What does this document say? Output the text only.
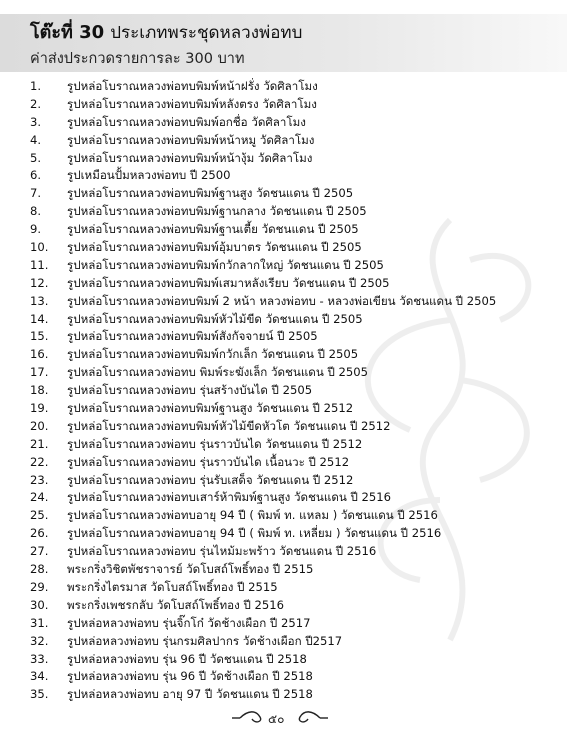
โต๊ะที่ 30 ประเภทพระชุดหลวงพ่อทบ
ค่าส่งประกวดรายการละ 300 บาท
1. รูปหล่อโบราณหลวงพ่อทบพิมพ์หน้าฝรั่ง วัดศิลาโมง
2. รูปหล่อโบราณหลวงพ่อทบพิมพ์หลังตรง วัดศิลาโมง
3. รูปหล่อโบราณหลวงพ่อทบพิมพ์อกชื่อ วัดศิลาโมง
4. รูปหล่อโบราณหลวงพ่อทบพิมพ์หน้าหมู วัดศิลาโมง
5. รูปหล่อโบราณหลวงพ่อทบพิมพ์หน้างุ้ม วัดศิลาโมง
6. รูปเหมือนปั้มหลวงพ่อทบ ปี 2500
7. รูปหล่อโบราณหลวงพ่อทบพิมพ์ฐานสูง วัดชนแดน ปี 2505
8. รูปหล่อโบราณหลวงพ่อทบพิมพ์ฐานกลาง วัดชนแดน ปี 2505
9. รูปหล่อโบราณหลวงพ่อทบพิมพ์ฐานเตี้ย วัดชนแดน ปี 2505
10. รูปหล่อโบราณหลวงพ่อทบพิมพ์อุ้มบาตร วัดชนแดน ปี 2505
11. รูปหล่อโบราณหลวงพ่อทบพิมพ์กวักลากใหญ่ วัดชนแดน ปี 2505
12. รูปหล่อโบราณหลวงพ่อทบพิมพ์เสมาหลังเรียบ วัดชนแดน ปี 2505
13. รูปหล่อโบราณหลวงพ่อทบพิมพ์ 2 หน้า หลวงพ่อทบ - หลวงพ่อเขียน วัดชนแดน ปี 2505
14. รูปหล่อโบราณหลวงพ่อทบพิมพ์หัวไม้ขีด วัดชนแดน ปี 2505
15. รูปหล่อโบราณหลวงพ่อทบพิมพ์สังกัจจายน์ ปี 2505
16. รูปหล่อโบราณหลวงพ่อทบพิมพ์กวักเล็ก วัดชนแดน ปี 2505
17. รูปหล่อโบราณหลวงพ่อทบ พิมพ์ระฆังเล็ก วัดชนแดน ปี 2505
18. รูปหล่อโบราณหลวงพ่อทบ รุ่นสร้างบันได ปี 2505
19. รูปหล่อโบราณหลวงพ่อทบพิมพ์ฐานสูง วัดชนแดน ปี 2512
20. รูปหล่อโบราณหลวงพ่อทบพิมพ์หัวไม้ขีดหัวโต วัดชนแดน ปี 2512
21. รูปหล่อโบราณหลวงพ่อทบ รุ่นราวบันได วัดชนแดน ปี 2512
22. รูปหล่อโบราณหลวงพ่อทบ รุ่นราวบันได เนื้อนวะ ปี 2512
23. รูปหล่อโบราณหลวงพ่อทบ รุ่นรับเสด็จ วัดชนแดน ปี 2512
24. รูปหล่อโบราณหลวงพ่อทบเสาร์ห้าพิมพ์ฐานสูง วัดชนแดน ปี 2516
25. รูปหล่อโบราณหลวงพ่อทบอายุ 94 ปี ( พิมพ์ ท. แหลม ) วัดชนแดน ปี 2516
26. รูปหล่อโบราณหลวงพ่อทบอายุ 94 ปี ( พิมพ์ ท. เหลี่ยม ) วัดชนแดน ปี 2516
27. รูปหล่อโบราณหลวงพ่อทบ รุ่นไหม้มะพร้าว วัดชนแดน ปี 2516
28. พระกริ่งวิชิตพัชราจารย์ วัดโบสถ์โพธิ์ทอง ปี 2515
29. พระกริ่งไตรมาส วัดโบสถ์โพธิ์ทอง ปี 2515
30. พระกริ่งเพชรกลับ วัดโบสถ์โพธิ์ทอง ปี 2516
31. รูปหล่อหลวงพ่อทบ รุ่นจิ๊กโก๋ วัดช้างเผือก ปี 2517
32. รูปหล่อหลวงพ่อทบ รุ่นกรมศิลปากร วัดช้างเผือก ปี2517
33. รูปหล่อหลวงพ่อทบ รุ่น 96 ปี วัดชนแดน ปี 2518
34. รูปหล่อหลวงพ่อทบ รุ่น 96 ปี วัดช้างเผือก ปี 2518
35. รูปหล่อหลวงพ่อทบ อายุ 97 ปี วัดชนแดน ปี 2518
๕๐
